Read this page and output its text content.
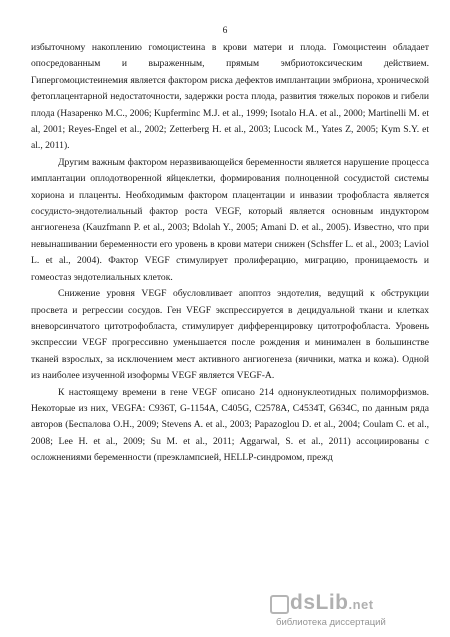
6

избыточному накоплению гомоцистеина в крови матери и плода. Гомоцистеин обладает опосредованным и выраженным, прямым эмбриотоксическим действием. Гипергомоцистеинемия является фактором риска дефектов имплантации эмбриона, хронической фетоплацентарной недостаточности, задержки роста плода, развития тяжелых пороков и гибели плода (Назаренко М.С., 2006; Kupferminc M.J. et al., 1999; Isotalo H.A. et al., 2000; Martinelli M. et al, 2001; Reyes-Engel et al., 2002; Zetterberg H. et al., 2003; Lucock M., Yates Z, 2005; Kym S.Y. et al., 2011).

Другим важным фактором неразвивающейся беременности является нарушение процесса имплантации оплодотворенной яйцеклетки, формирования полноценной сосудистой системы хориона и плаценты. Необходимым фактором плацентации и инвазии трофобласта является сосудисто-эндотелиальный фактор роста VEGF, который является основным индуктором ангиогенеза (Kauzfmann P. et al., 2003; Bdolah Y., 2005; Amani D. et al., 2005). Известно, что при невынашивании беременности его уровень в крови матери снижен (Schsffer L. et al., 2003; Laviol L. et al., 2004). Фактор VEGF стимулирует пролиферацию, миграцию, проницаемость и гомеостаз эндотелиальных клеток.

Снижение уровня VEGF обусловливает апоптоз эндотелия, ведущий к обструкции просвета и регрессии сосудов. Ген VEGF экспрессируется в децидуальной ткани и клетках вневорсинчатого цитотрофобласта, стимулирует дифференцировку цитотрофобласта. Уровень экспрессии VEGF прогрессивно уменьшается после рождения и минимален в большинстве тканей взрослых, за исключением мест активного ангиогенеза (яичники, матка и кожа). Одной из наиболее изученной изоформы VEGF является VEGF-A.

К настоящему времени в гене VEGF описано 214 однонуклеотидных полиморфизмов. Некоторые из них, VEGFA: C936T, G-1154A, C405G, C2578A, C4534T, G634C, по данным ряда авторов (Беспалова О.Н., 2009; Stevens A. et al., 2003; Papazoglou D. et al., 2004; Coulam C. et al., 2008; Lee H. et al., 2009; Su M. et al., 2011; Aggarwal, S. et al., 2011) ассоциированы с осложнениями беременности (преэклампсией, HELLP-синдромом, прежд

dsLib.net
библиотека диссертаций
